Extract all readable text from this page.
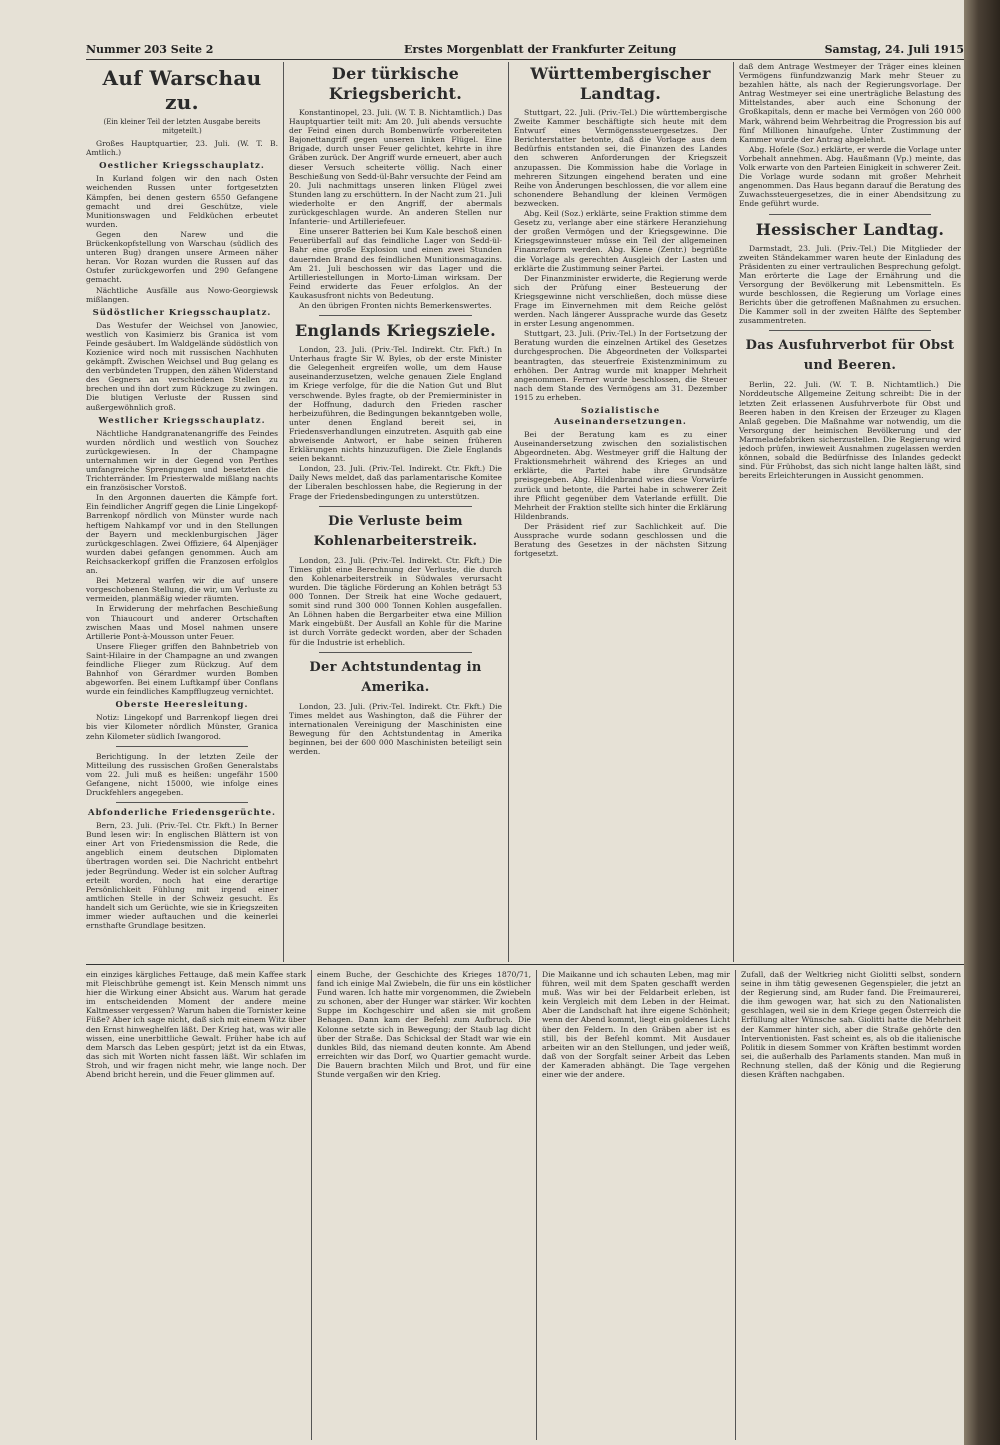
Nummer 203 Seite 2	Erstes Morgenblatt der Frankfurter Zeitung	Samstag, 24. Juli 1915
Auf Warschau zu.
(Ein kleiner Teil der letzten Ausgabe bereits mitgeteilt.)
Großes Hauptquartier, 23. Juli. (W. T. B. Amtlich.)
Oestlicher Kriegsschauplatz.
In Kurland folgen wir den nach Osten weichenden Russen unter fortgesetzten Kämpfen, bei denen gestern 6550 Gefangene gemacht und drei Geschütze, viele Munitionswagen und Feldküchen erbeutet wurden.
Gegen den Narew und die Brückenkopfstellung von Warschau (südlich des unteren Bug) drangen unsere Armeen näher heran. Vor Rozan wurden die Russen auf das Ostufer zurückgeworfen und 290 Gefangene gemacht.
Nächtliche Ausfälle aus Nowo-Georgiewsk mißlangen.
Südöstlicher Kriegsschauplatz.
Das Westufer der Weichsel von Janowiec, westlich von Kasimierz bis Granica ist vom Feinde gesäubert. Im Waldgelände südöstlich von Kozienice wird noch mit russischen Nachhuten gekämpft. Zwischen Weichsel und Bug gelang es den verbündeten Truppen, den zähen Widerstand des Gegners an verschiedenen Stellen zu brechen und ihn dort zum Rückzuge zu zwingen. Die blutigen Verluste der Russen sind außergewöhnlich groß.
Westlicher Kriegsschauplatz.
Nächtliche Handgranatenangriffe des Feindes wurden nördlich und westlich von Souchez zurückgewiesen. In der Champagne unternahmen wir in der Gegend von Perthes umfangreiche Sprengungen und besetzten die Trichterränder. Im Priesterwalde mißlang nachts ein französischer Vorstoß.
In den Argonnen dauerten die Kämpfe fort. Ein feindlicher Angriff gegen die Linie Lingekopf-Barrenkopf nördlich von Münster wurde nach heftigem Nahkampf vor und in den Stellungen der Bayern und mecklenburgischen Jäger zurückgeschlagen. Zwei Offiziere, 64 Alpenjäger wurden dabei gefangen genommen. Auch am Reichsackerkopf griffen die Franzosen erfolglos an.
Bei Metzeral warfen wir die auf unsere vorgeschobenen Stellung, die wir, um Verluste zu vermeiden, planmäßig wieder räumten.
In Erwiderung der mehrfachen Beschießung von Thiaucourt und anderer Ortschaften zwischen Maas und Mosel nahmen unsere Artillerie Pont-à-Mousson unter Feuer.
Unsere Flieger griffen den Bahnbetrieb von Saint-Hilaire in der Champagne an und zwangen feindliche Flieger zum Rückzug. Auf dem Bahnhof von Gérardmer wurden Bomben abgeworfen. Bei einem Luftkampf über Conflans wurde ein feindliches Kampfflugzeug vernichtet.
Oberste Heeresleitung.
Notiz: Lingekopf und Barrenkopf liegen drei bis vier Kilometer nördlich Münster, Granica zehn Kilometer südlich Iwangorod.
Berichtigung. In der letzten Zeile der Mitteilung des russischen Großen Generalstabs vom 22. Juli muß es heißen: ungefähr 1500 Gefangene, nicht 15000, wie infolge eines Druckfehlers angegeben.
Abfonderliche Friedensgerüchte.
Bern, 23. Juli. (Priv.-Tel. Ctr. Fkft.) In Berner Bund lesen wir: In englischen Blättern ist von einer Art von Friedensmission die Rede, die angeblich einem deutschen Diplomaten übertragen worden sei. Die Nachricht entbehrt jeder Begründung. Weder ist ein solcher Auftrag erteilt worden, noch hat eine derartige Persönlichkeit Fühlung mit irgend einer amtlichen Stelle in der Schweiz gesucht. Es handelt sich um Gerüchte, wie sie in Kriegszeiten immer wieder auftauchen und die keinerlei ernsthafte Grundlage besitzen.
Der türkische Kriegsbericht.
Konstantinopel, 23. Juli. (W. T. B. Nichtamtlich.) Das Hauptquartier teilt mit: Am 20. Juli abends versuchte der Feind einen durch Bombenwürfe vorbereiteten Bajonettangriff gegen unseren linken Flügel. Eine Brigade, durch unser Feuer gelichtet, kehrte in ihre Gräben zurück. Der Angriff wurde erneuert, aber auch dieser Versuch scheiterte völlig. Nach einer Beschießung von Sedd-ül-Bahr versuchte der Feind am 20. Juli nachmittags unseren linken Flügel zwei Stunden lang zu erschüttern. In der Nacht zum 21. Juli wiederholte er den Angriff, der abermals zurückgeschlagen wurde. An anderen Stellen nur Infanterie- und Artilleriefeuer.
Eine unserer Batterien bei Kum Kale beschoß einen Feuerüberfall auf das feindliche Lager von Sedd-ül-Bahr eine große Explosion und einen zwei Stunden dauernden Brand des feindlichen Munitionsmagazins. Am 21. Juli beschossen wir das Lager und die Artilleriestellungen in Morto-Liman wirksam. Der Feind erwiderte das Feuer erfolglos. An der Kaukasusfront nichts von Bedeutung.
An den übrigen Fronten nichts Bemerkenswertes.
Englands Kriegsziele.
London, 23. Juli. (Priv.-Tel. Indirekt. Ctr. Fkft.) In Unterhaus fragte Sir W. Byles, ob der erste Minister die Gelegenheit ergreifen wolle, um dem Hause auseinanderzusetzen, welche genauen Ziele England im Kriege verfolge, für die die Nation Gut und Blut verschwende. Byles fragte, ob der Premierminister in der Hoffnung, dadurch den Frieden rascher herbeizuführen, die Bedingungen bekanntgeben wolle, unter denen England bereit sei, in Friedensverhandlungen einzutreten. Asquith gab eine abweisende Antwort, er habe seinen früheren Erklärungen nichts hinzuzufügen. Die Ziele Englands seien bekannt.
London, 23. Juli. (Priv.-Tel. Indirekt. Ctr. Fkft.) Die Daily News meldet, daß das parlamentarische Komitee der Liberalen beschlossen habe, die Regierung in der Frage der Friedensbedingungen zu unterstützen.
Die Verluste beim Kohlenarbeiterstreik.
London, 23. Juli. (Priv.-Tel. Indirekt. Ctr. Fkft.) Die Times gibt eine Berechnung der Verluste, die durch den Kohlenarbeiterstreik in Südwales verursacht wurden. Die tägliche Förderung an Kohlen beträgt 53 000 Tonnen. Der Streik hat eine Woche gedauert, somit sind rund 300 000 Tonnen Kohlen ausgefallen. An Löhnen haben die Bergarbeiter etwa eine Million Mark eingebüßt. Der Ausfall an Kohle für die Marine ist durch Vorräte gedeckt worden, aber der Schaden für die Industrie ist erheblich.
Der Achtstundentag in Amerika.
London, 23. Juli. (Priv.-Tel. Indirekt. Ctr. Fkft.) Die Times meldet aus Washington, daß die Führer der internationalen Vereinigung der Maschinisten eine Bewegung für den Achtstundentag in Amerika beginnen, bei der 600 000 Maschinisten beteiligt sein werden.
Württembergischer Landtag.
Stuttgart, 22. Juli. (Priv.-Tel.) Die württembergische Zweite Kammer beschäftigte sich heute mit dem Entwurf eines Vermögenssteuergesetzes. Der Berichterstatter betonte, daß die Vorlage aus dem Bedürfnis entstanden sei, die Finanzen des Landes den schweren Anforderungen der Kriegszeit anzupassen. Die Kommission habe die Vorlage in mehreren Sitzungen eingehend beraten und eine Reihe von Änderungen beschlossen, die vor allem eine schonendere Behandlung der kleinen Vermögen bezwecken.
Abg. Keil (Soz.) erklärte, seine Fraktion stimme dem Gesetz zu, verlange aber eine stärkere Heranziehung der großen Vermögen und der Kriegsgewinne. Die Kriegsgewinnsteuer müsse ein Teil der allgemeinen Finanzreform werden. Abg. Kiene (Zentr.) begrüßte die Vorlage als gerechten Ausgleich der Lasten und erklärte die Zustimmung seiner Partei.
Der Finanzminister erwiderte, die Regierung werde sich der Prüfung einer Besteuerung der Kriegsgewinne nicht verschließen, doch müsse diese Frage im Einvernehmen mit dem Reiche gelöst werden. Nach längerer Aussprache wurde das Gesetz in erster Lesung angenommen.
Stuttgart, 23. Juli. (Priv.-Tel.) In der Fortsetzung der Beratung wurden die einzelnen Artikel des Gesetzes durchgesprochen. Die Abgeordneten der Volkspartei beantragten, das steuerfreie Existenzminimum zu erhöhen. Der Antrag wurde mit knapper Mehrheit angenommen. Ferner wurde beschlossen, die Steuer nach dem Stande des Vermögens am 31. Dezember 1915 zu erheben.
Sozialistische Auseinandersetzungen.
Bei der Beratung kam es zu einer Auseinandersetzung zwischen den sozialistischen Abgeordneten. Abg. Westmeyer griff die Haltung der Fraktionsmehrheit während des Krieges an und erklärte, die Partei habe ihre Grundsätze preisgegeben. Abg. Hildenbrand wies diese Vorwürfe zurück und betonte, die Partei habe in schwerer Zeit ihre Pflicht gegenüber dem Vaterlande erfüllt. Die Mehrheit der Fraktion stellte sich hinter die Erklärung Hildenbrands.
Der Präsident rief zur Sachlichkeit auf. Die Aussprache wurde sodann geschlossen und die Beratung des Gesetzes in der nächsten Sitzung fortgesetzt.
daß dem Antrage Westmeyer der Träger eines kleinen Vermögens fünfundzwanzig Mark mehr Steuer zu bezahlen hätte, als nach der Regierungsvorlage. Der Antrag Westmeyer sei eine unerträgliche Belastung des Mittelstandes, aber auch eine Schonung der Großkapitals, denn er mache bei Vermögen von 260 000 Mark, während beim Wehrbeitrag die Progression bis auf fünf Millionen hinaufgehe. Unter Zustimmung der Kammer wurde der Antrag abgelehnt.
Abg. Hofele (Soz.) erklärte, er werde die Vorlage unter Vorbehalt annehmen. Abg. Haußmann (Vp.) meinte, das Volk erwarte von den Parteien Einigkeit in schwerer Zeit. Die Vorlage wurde sodann mit großer Mehrheit angenommen. Das Haus begann darauf die Beratung des Zuwachssteuergesetzes, die in einer Abendsitzung zu Ende geführt wurde.
Hessischer Landtag.
Darmstadt, 23. Juli. (Priv.-Tel.) Die Mitglieder der zweiten Ständekammer waren heute der Einladung des Präsidenten zu einer vertraulichen Besprechung gefolgt. Man erörterte die Lage der Ernährung und die Versorgung der Bevölkerung mit Lebensmitteln. Es wurde beschlossen, die Regierung um Vorlage eines Berichts über die getroffenen Maßnahmen zu ersuchen. Die Kammer soll in der zweiten Hälfte des September zusammentreten.
Das Ausfuhrverbot für Obst und Beeren.
Berlin, 22. Juli. (W. T. B. Nichtamtlich.) Die Norddeutsche Allgemeine Zeitung schreibt: Die in der letzten Zeit erlassenen Ausfuhrverbote für Obst und Beeren haben in den Kreisen der Erzeuger zu Klagen Anlaß gegeben. Die Maßnahme war notwendig, um die Versorgung der heimischen Bevölkerung und der Marmeladefabriken sicherzustellen. Die Regierung wird jedoch prüfen, inwieweit Ausnahmen zugelassen werden können, sobald die Bedürfnisse des Inlandes gedeckt sind. Für Frühobst, das sich nicht lange halten läßt, sind bereits Erleichterungen in Aussicht genommen.
ein einziges kärgliches Fettauge, daß mein Kaffee stark mit Fleischbrühe gemengt ist. Kein Mensch nimmt uns hier die Wirkung einer Absicht aus. Warum hat gerade im entscheidenden Moment der andere meine Kaltmesser vergessen? Warum haben die Tornister keine Füße? Aber ich sage nicht, daß sich mit einem Witz über den Ernst hinweghelfen läßt. Der Krieg hat, was wir alle wissen, eine unerbittliche Gewalt. Früher habe ich auf dem Marsch das Leben gespürt; jetzt ist da ein Etwas, das sich mit Worten nicht fassen läßt. Wir schlafen im Stroh, und wir fragen nicht mehr, wie lange noch. Der Abend bricht herein, und die Feuer glimmen auf.
einem Buche, der Geschichte des Krieges 1870/71, fand ich einige Mal Zwiebeln, die für uns ein köstlicher Fund waren. Ich hatte mir vorgenommen, die Zwiebeln zu schonen, aber der Hunger war stärker. Wir kochten Suppe im Kochgeschirr und aßen sie mit großem Behagen. Dann kam der Befehl zum Aufbruch. Die Kolonne setzte sich in Bewegung; der Staub lag dicht über der Straße. Das Schicksal der Stadt war wie ein dunkles Bild, das niemand deuten konnte. Am Abend erreichten wir das Dorf, wo Quartier gemacht wurde. Die Bauern brachten Milch und Brot, und für eine Stunde vergaßen wir den Krieg.
Die Maikanne und ich schauten Leben, mag mir führen, weil mit dem Spaten geschafft werden muß. Was wir bei der Feldarbeit erleben, ist kein Vergleich mit dem Leben in der Heimat. Aber die Landschaft hat ihre eigene Schönheit; wenn der Abend kommt, liegt ein goldenes Licht über den Feldern. In den Gräben aber ist es still, bis der Befehl kommt. Mit Ausdauer arbeiten wir an den Stellungen, und jeder weiß, daß von der Sorgfalt seiner Arbeit das Leben der Kameraden abhängt. Die Tage vergehen einer wie der andere.
Zufall, daß der Weltkrieg nicht Giolitti selbst, sondern seine in ihm tätig gewesenen Gegenspieler, die jetzt an der Regierung sind, am Ruder fand. Die Freimaurerei, die ihm gewogen war, hat sich zu den Nationalisten geschlagen, weil sie in dem Kriege gegen Österreich die Erfüllung alter Wünsche sah. Giolitti hatte die Mehrheit der Kammer hinter sich, aber die Straße gehörte den Interventionisten. Fast scheint es, als ob die italienische Politik in diesem Sommer von Kräften bestimmt worden sei, die außerhalb des Parlaments standen. Man muß in Rechnung stellen, daß der König und die Regierung diesen Kräften nachgaben.
